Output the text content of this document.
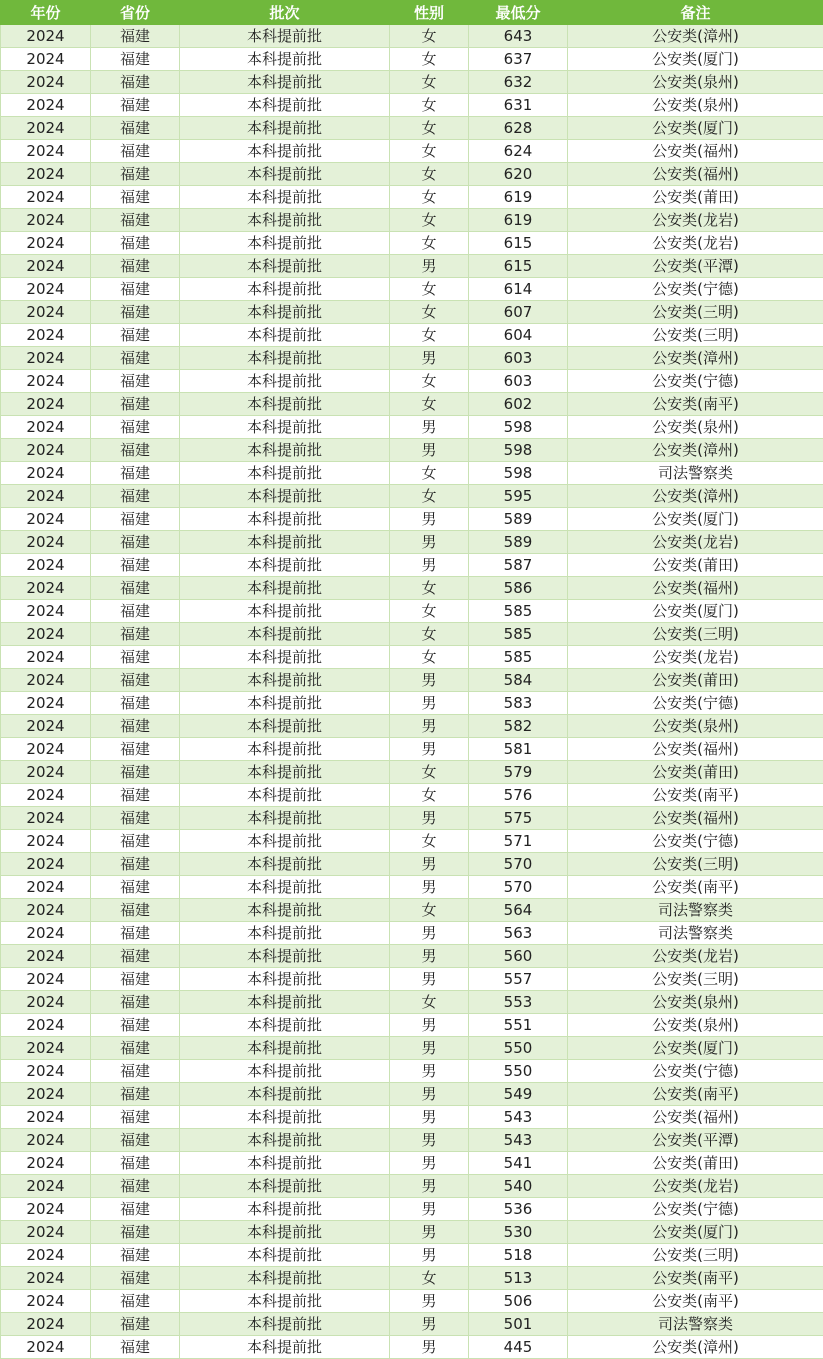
年份	省份	批次	性别	最低分	备注
2024	福建	本科提前批	女	643	公安类(漳州)
2024	福建	本科提前批	女	637	公安类(厦门)
2024	福建	本科提前批	女	632	公安类(泉州)
2024	福建	本科提前批	女	631	公安类(泉州)
2024	福建	本科提前批	女	628	公安类(厦门)
2024	福建	本科提前批	女	624	公安类(福州)
2024	福建	本科提前批	女	620	公安类(福州)
2024	福建	本科提前批	女	619	公安类(莆田)
2024	福建	本科提前批	女	619	公安类(龙岩)
2024	福建	本科提前批	女	615	公安类(龙岩)
2024	福建	本科提前批	男	615	公安类(平潭)
2024	福建	本科提前批	女	614	公安类(宁德)
2024	福建	本科提前批	女	607	公安类(三明)
2024	福建	本科提前批	女	604	公安类(三明)
2024	福建	本科提前批	男	603	公安类(漳州)
2024	福建	本科提前批	女	603	公安类(宁德)
2024	福建	本科提前批	女	602	公安类(南平)
2024	福建	本科提前批	男	598	公安类(泉州)
2024	福建	本科提前批	男	598	公安类(漳州)
2024	福建	本科提前批	女	598	司法警察类
2024	福建	本科提前批	女	595	公安类(漳州)
2024	福建	本科提前批	男	589	公安类(厦门)
2024	福建	本科提前批	男	589	公安类(龙岩)
2024	福建	本科提前批	男	587	公安类(莆田)
2024	福建	本科提前批	女	586	公安类(福州)
2024	福建	本科提前批	女	585	公安类(厦门)
2024	福建	本科提前批	女	585	公安类(三明)
2024	福建	本科提前批	女	585	公安类(龙岩)
2024	福建	本科提前批	男	584	公安类(莆田)
2024	福建	本科提前批	男	583	公安类(宁德)
2024	福建	本科提前批	男	582	公安类(泉州)
2024	福建	本科提前批	男	581	公安类(福州)
2024	福建	本科提前批	女	579	公安类(莆田)
2024	福建	本科提前批	女	576	公安类(南平)
2024	福建	本科提前批	男	575	公安类(福州)
2024	福建	本科提前批	女	571	公安类(宁德)
2024	福建	本科提前批	男	570	公安类(三明)
2024	福建	本科提前批	男	570	公安类(南平)
2024	福建	本科提前批	女	564	司法警察类
2024	福建	本科提前批	男	563	司法警察类
2024	福建	本科提前批	男	560	公安类(龙岩)
2024	福建	本科提前批	男	557	公安类(三明)
2024	福建	本科提前批	女	553	公安类(泉州)
2024	福建	本科提前批	男	551	公安类(泉州)
2024	福建	本科提前批	男	550	公安类(厦门)
2024	福建	本科提前批	男	550	公安类(宁德)
2024	福建	本科提前批	男	549	公安类(南平)
2024	福建	本科提前批	男	543	公安类(福州)
2024	福建	本科提前批	男	543	公安类(平潭)
2024	福建	本科提前批	男	541	公安类(莆田)
2024	福建	本科提前批	男	540	公安类(龙岩)
2024	福建	本科提前批	男	536	公安类(宁德)
2024	福建	本科提前批	男	530	公安类(厦门)
2024	福建	本科提前批	男	518	公安类(三明)
2024	福建	本科提前批	女	513	公安类(南平)
2024	福建	本科提前批	男	506	公安类(南平)
2024	福建	本科提前批	男	501	司法警察类
2024	福建	本科提前批	男	445	公安类(漳州)
